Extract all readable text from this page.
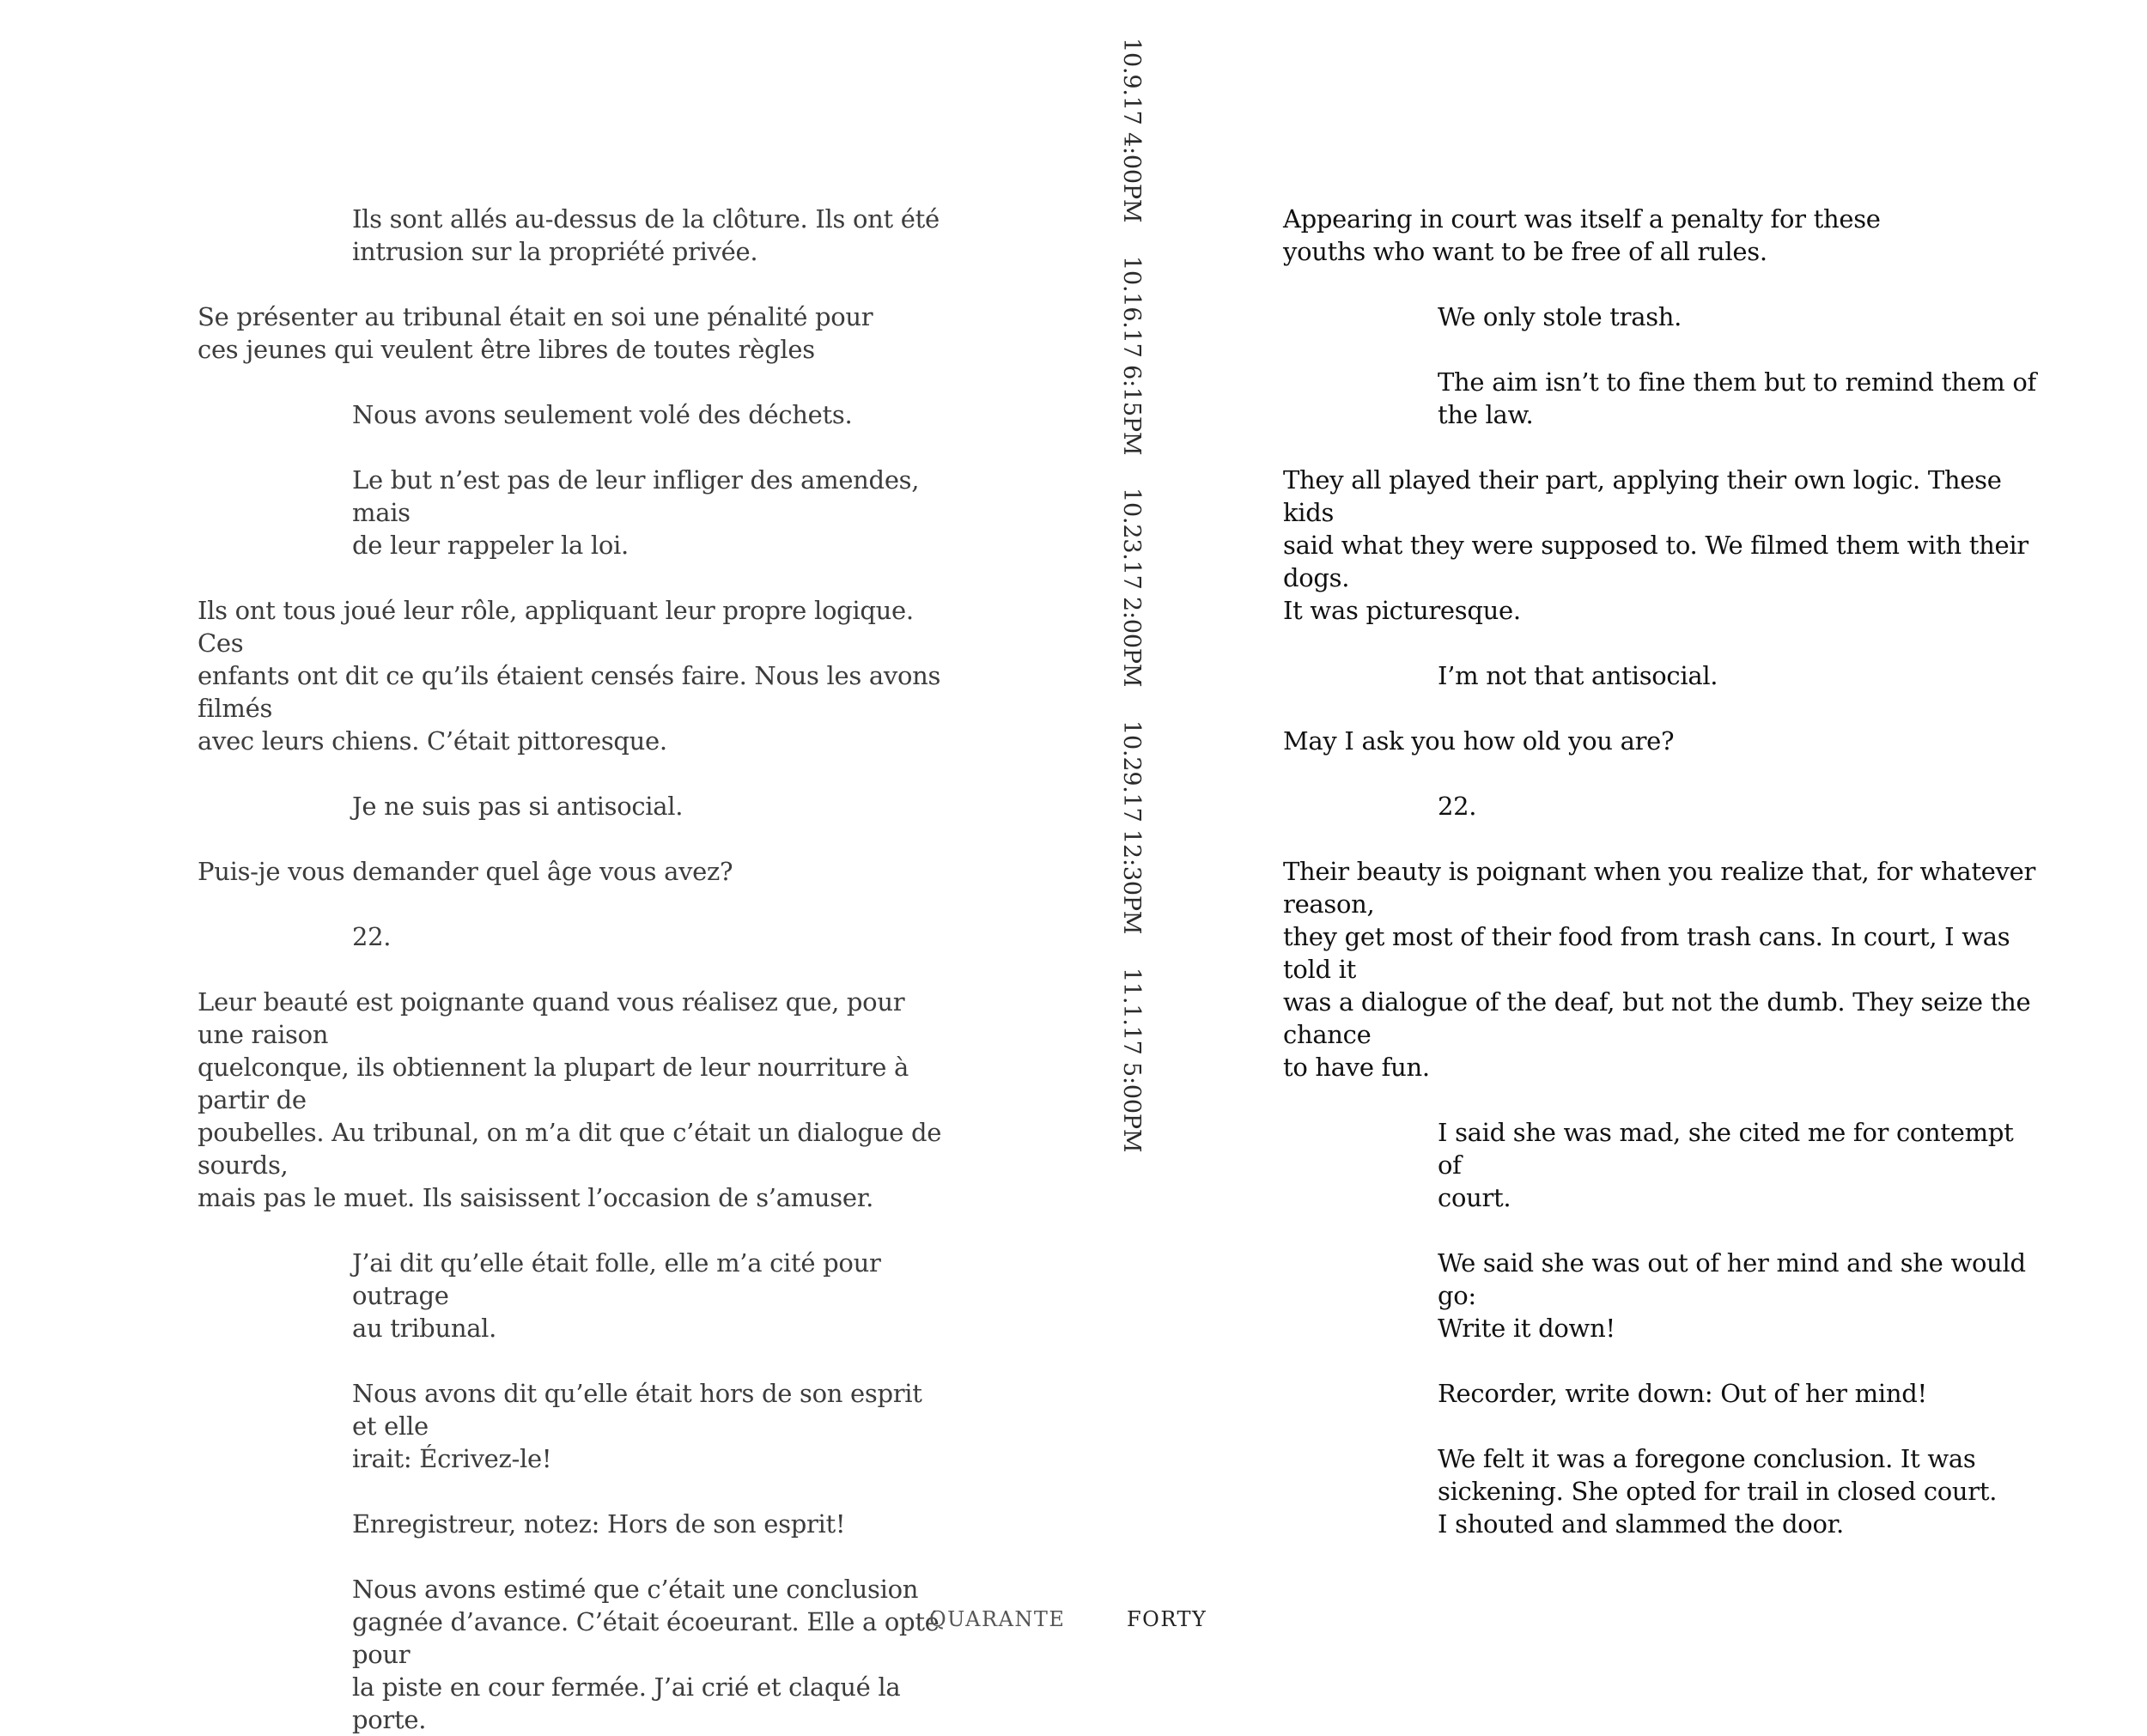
Ils sont allés au-dessus de la clôture. Ils ont été
intrusion sur la propriété privée.

Se présenter au tribunal était en soi une pénalité pour
ces jeunes qui veulent être libres de toutes règles

Nous avons seulement volé des déchets.

Le but n’est pas de leur infliger des amendes, mais
de leur rappeler la loi.

Ils ont tous joué leur rôle, appliquant leur propre logique. Ces
enfants ont dit ce qu’ils étaient censés faire. Nous les avons filmés
avec leurs chiens. C’était pittoresque.

Je ne suis pas si antisocial.

Puis-je vous demander quel âge vous avez?

22.

Leur beauté est poignante quand vous réalisez que, pour une raison
quelconque, ils obtiennent la plupart de leur nourriture à partir de
poubelles. Au tribunal, on m’a dit que c’était un dialogue de sourds,
mais pas le muet. Ils saisissent l’occasion de s’amuser.

J’ai dit qu’elle était folle, elle m’a cité pour outrage
au tribunal.

Nous avons dit qu’elle était hors de son esprit et elle
irait: Écrivez-le!

Enregistreur, notez: Hors de son esprit!

Nous avons estimé que c’était une conclusion
gagnée d’avance. C’était écoeurant. Elle a opté pour
la piste en cour fermée. J’ai crié et claqué la porte.

10.9.17 4:00PM 10.16.17 6:15PM 10.23.17 2:00PM 10.29.17 12:30PM 11.1.17 5:00PM

Appearing in court was itself a penalty for these
youths who want to be free of all rules.

We only stole trash.

The aim isn’t to fine them but to remind them of
the law.

They all played their part, applying their own logic. These kids
said what they were supposed to. We filmed them with their dogs.
It was picturesque.

I’m not that antisocial.

May I ask you how old you are?

22.

Their beauty is poignant when you realize that, for whatever reason,
they get most of their food from trash cans. In court, I was told it
was a dialogue of the deaf, but not the dumb. They seize the chance
to have fun.

I said she was mad, she cited me for contempt of
court.

We said she was out of her mind and she would go:
Write it down!

Recorder, write down: Out of her mind!

We felt it was a foregone conclusion. It was
sickening. She opted for trail in closed court.
I shouted and slammed the door.

QUARANTE	FORTY
